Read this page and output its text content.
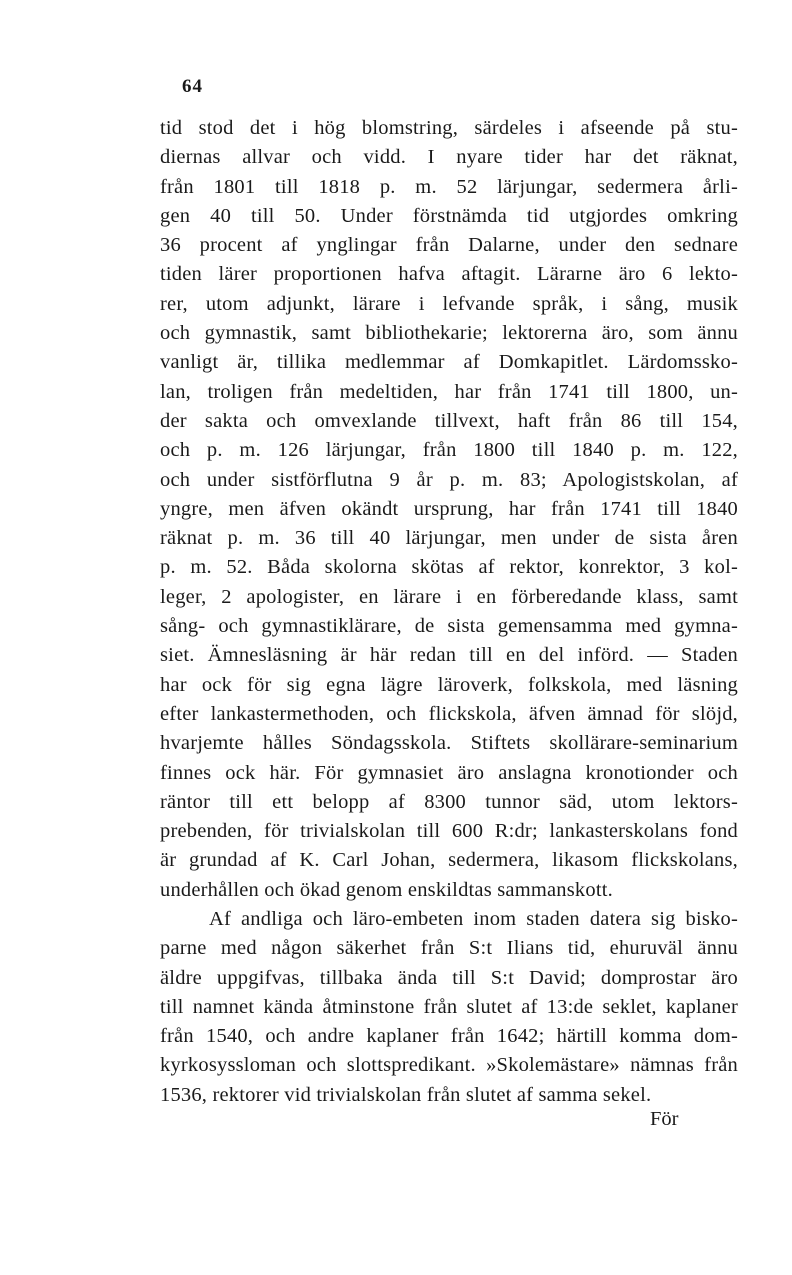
64
tid stod det i hög blomstring, särdeles i afseende på stu-
diernas allvar och vidd. I nyare tider har det räknat,
från 1801 till 1818 p. m. 52 lärjungar, sedermera årli-
gen 40 till 50. Under förstnämda tid utgjordes omkring
36 procent af ynglingar från Dalarne, under den sednare
tiden lärer proportionen hafva aftagit. Lärarne äro 6 lekto-
rer, utom adjunkt, lärare i lefvande språk, i sång, musik
och gymnastik, samt bibliothekarie; lektorerna äro, som ännu
vanligt är, tillika medlemmar af Domkapitlet. Lärdomssko-
lan, troligen från medeltiden, har från 1741 till 1800, un-
der sakta och omvexlande tillvext, haft från 86 till 154,
och p. m. 126 lärjungar, från 1800 till 1840 p. m. 122,
och under sistförflutna 9 år p. m. 83; Apologistskolan, af
yngre, men äfven okändt ursprung, har från 1741 till 1840
räknat p. m. 36 till 40 lärjungar, men under de sista åren
p. m. 52. Båda skolorna skötas af rektor, konrektor, 3 kol-
leger, 2 apologister, en lärare i en förberedande klass, samt
sång- och gymnastiklärare, de sista gemensamma med gymna-
siet. Ämnesläsning är här redan till en del införd. — Staden
har ock för sig egna lägre läroverk, folkskola, med läsning
efter lankastermethoden, och flickskola, äfven ämnad för slöjd,
hvarjemte hålles Söndagsskola. Stiftets skollärare-seminarium
finnes ock här. För gymnasiet äro anslagna kronotionder och
räntor till ett belopp af 8300 tunnor säd, utom lektors-
prebenden, för trivialskolan till 600 R:dr; lankasterskolans fond
är grundad af K. Carl Johan, sedermera, likasom flickskolans,
underhållen och ökad genom enskildtas sammanskott.
Af andliga och läro-embeten inom staden datera sig bisko-
parne med någon säkerhet från S:t Ilians tid, ehuruväl ännu
äldre uppgifvas, tillbaka ända till S:t David; domprostar äro
till namnet kända åtminstone från slutet af 13:de seklet, kaplaner
från 1540, och andre kaplaner från 1642; härtill komma dom-
kyrkosyssloman och slottspredikant. »Skolemästare» nämnas från
1536, rektorer vid trivialskolan från slutet af samma sekel.
För
